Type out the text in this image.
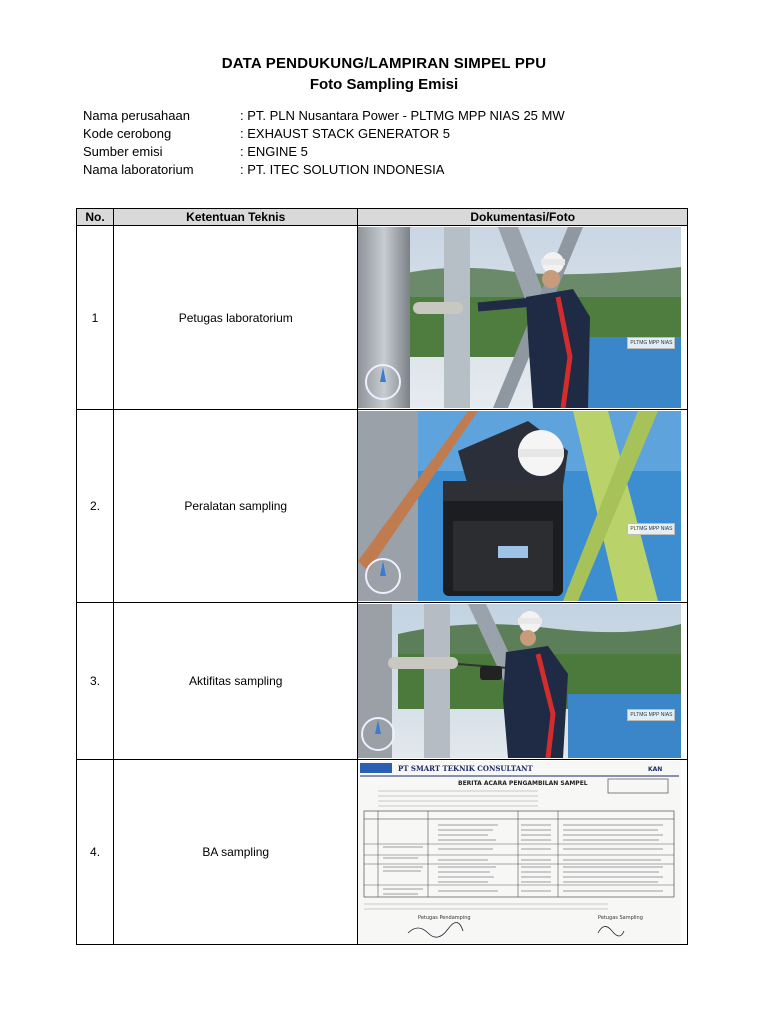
DATA PENDUKUNG/LAMPIRAN SIMPEL PPU
Foto Sampling Emisi
Nama perusahaan	: PT. PLN Nusantara Power - PLTMG MPP NIAS 25 MW
Kode cerobong	: EXHAUST STACK GENERATOR 5
Sumber emisi	: ENGINE 5
Nama laboratorium	: PT. ITEC SOLUTION INDONESIA
No.	Ketentuan Teknis	Dokumentasi/Foto
1	Petugas laboratorium	PLTMG MPP NIAS

2.	Peralatan sampling	PLTMG MPP NIAS

3.	Aktifitas sampling	PLTMG MPP NIAS

4.	BA sampling	PT SMART TEKNIK CONSULTANT KAN
BERITA ACARA PENGAMBILAN SAMPEL
Petugas Pendamping Petugas Sampling
